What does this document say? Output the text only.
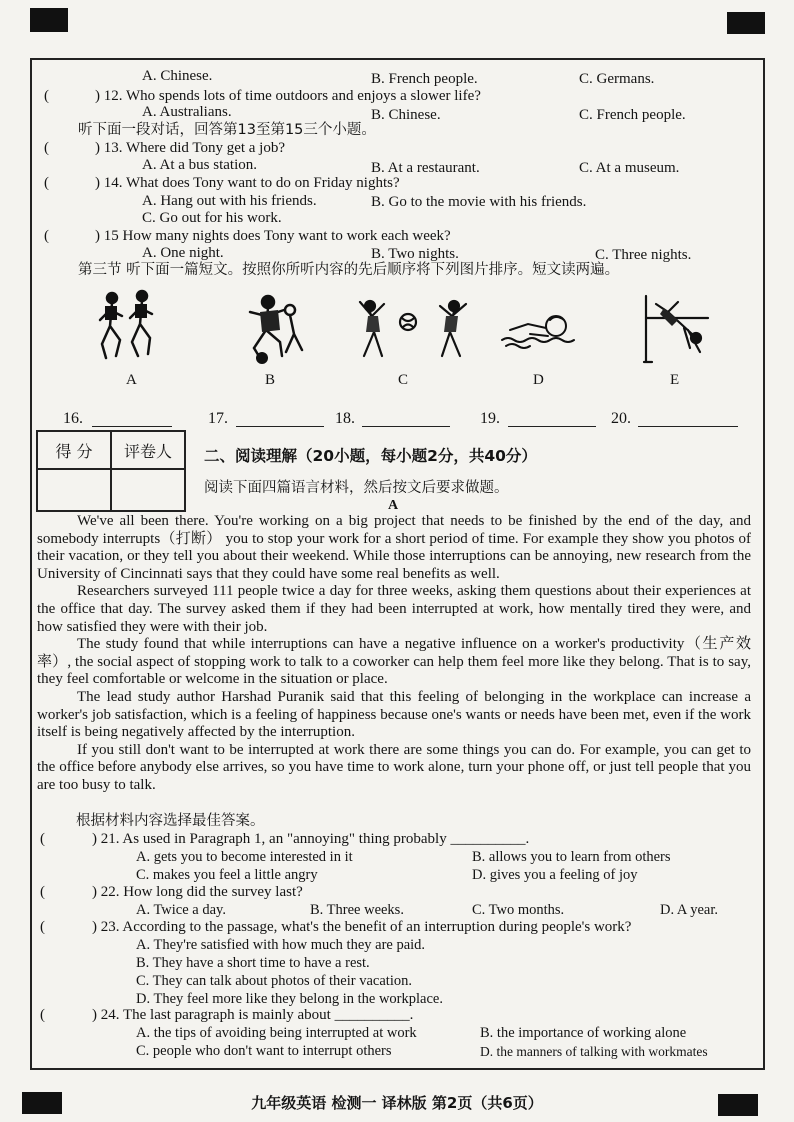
A. Chinese.	B. French people.	C. Germans.
(	) 12. Who spends lots of time outdoors and enjoys a slower life?
A. Australians.	B. Chinese.	C. French people.
听下面一段对话，回答第13至第15三个小题。
(	) 13. Where did Tony get a job?
A. At a bus station.	B. At a restaurant.	C. At a museum.
(	) 14. What does Tony want to do on Friday nights?
A. Hang out with his friends.	B. Go to the movie with his friends.
C. Go out for his work.
(	) 15 How many nights does Tony want to work each week?
A. One night.	B. Two nights.	C. Three nights.
第三节 听下面一篇短文。按照你所听内容的先后顺序将下列图片排序。短文读两遍。
A	B	C	D	E
16.	17.	18.	19.	20.
得 分	评卷人
	二、阅读理解（20小题，每小题2分，共40分）
阅读下面四篇语言材料，然后按文后要求做题。
A

We've all been there. You're working on a big project that needs to be finished by the end of the day, and somebody interrupts（打断） you to stop your work for a short period of time. For example they show you photos of their vacation, or they tell you about their weekend. While those interruptions can be annoying, new research from the University of Cincinnati says that they could have some real benefits as well.

Researchers surveyed 111 people twice a day for three weeks, asking them questions about their experiences at the office that day. The survey asked them if they had been interrupted at work, how mentally tired they were, and how satisfied they were with their job.

The study found that while interruptions can have a negative influence on a worker's productivity（生产效率）, the social aspect of stopping work to talk to a coworker can help them feel more like they belong. That is to say, they feel comfortable or welcome in the situation or place.

The lead study author Harshad Puranik said that this feeling of belonging in the workplace can increase a worker's job satisfaction, which is a feeling of happiness because one's wants or needs have been met, even if the work itself is being negatively affected by the interruption.

If you still don't want to be interrupted at work there are some things you can do. For example, you can get to the office before anybody else arrives, so you have time to work alone, turn your phone off, or just tell people that you are too busy to talk.

根据材料内容选择最佳答案。
(	) 21. As used in Paragraph 1, an "annoying" thing probably __________.
A. gets you to become interested in it	B. allows you to learn from others
C. makes you feel a little angry	D. gives you a feeling of joy
(	) 22. How long did the survey last?
A. Twice a day.	B. Three weeks.	C. Two months.	D. A year.
(	) 23. According to the passage, what's the benefit of an interruption during people's work?
A. They're satisfied with how much they are paid.
B. They have a short time to have a rest.
C. They can talk about photos of their vacation.
D. They feel more like they belong in the workplace.
(	) 24. The last paragraph is mainly about __________.
A. the tips of avoiding being interrupted at work	B. the importance of working alone
C. people who don't want to interrupt others	D. the manners of talking with workmates
九年级英语 检测一 译林版 第2页（共6页）
